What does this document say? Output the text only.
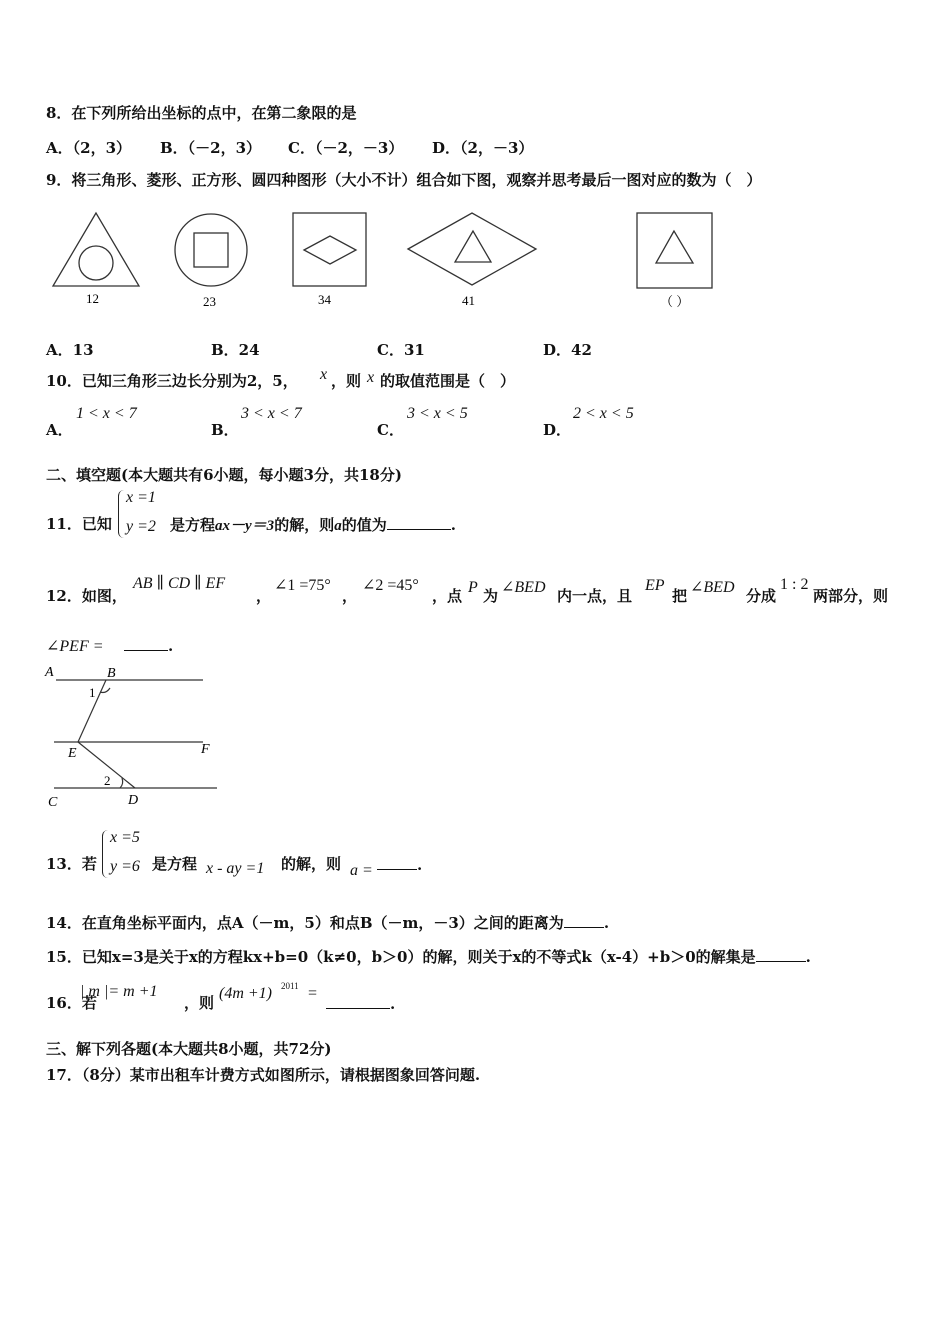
8．在下列所给出坐标的点中，在第二象限的是
A．（2，3） B．（－2，3） C．（－2，－3） D．（2，－3）
9．将三角形、菱形、正方形、圆四种图形（大小不计）组合如下图，观察并思考最后一图对应的数为（　）
12	23	34	41	（ ）
A．13	B．24	C．31	D．42
10．已知三角形三边长分别为2，5， x ，则 x 的取值范围是（　）
A．
1 < x < 7
B．
3 < x < 7
C．
3 < x < 5
D．
2 < x < 5
二、填空题(本大题共有6小题，每小题3分，共18分)
11．已知
x =1
y =2 是方程ax－y＝3的解，则a的值为	.
12．如图，
AB ∥ CD ∥ EF
，
∠1 =75°
，
∠2 =45°
，点 P 为 ∠BED 内一点，且
EP
把 ∠BED 分成
1 : 2
两部分，则
∠PEF =	.
A	B
1
E	F
2
C	D
13．若
x =5
y =6 是方程 x - ay =1 的解，则 a =	.
14．在直角坐标平面内，点A（－m，5）和点B（－m，－3）之间的距离为	.
15．已知x=3是关于x的方程kx+b=0（k≠0，b＞0）的解，则关于x的不等式k（x-4）+b＞0的解集是	.
16．若
| m |= m +1
，则
(4m +1) 2011 =
.
三、解下列各题(本大题共8小题，共72分)
17．（8分）某市出租车计费方式如图所示，请根据图象回答问题.
